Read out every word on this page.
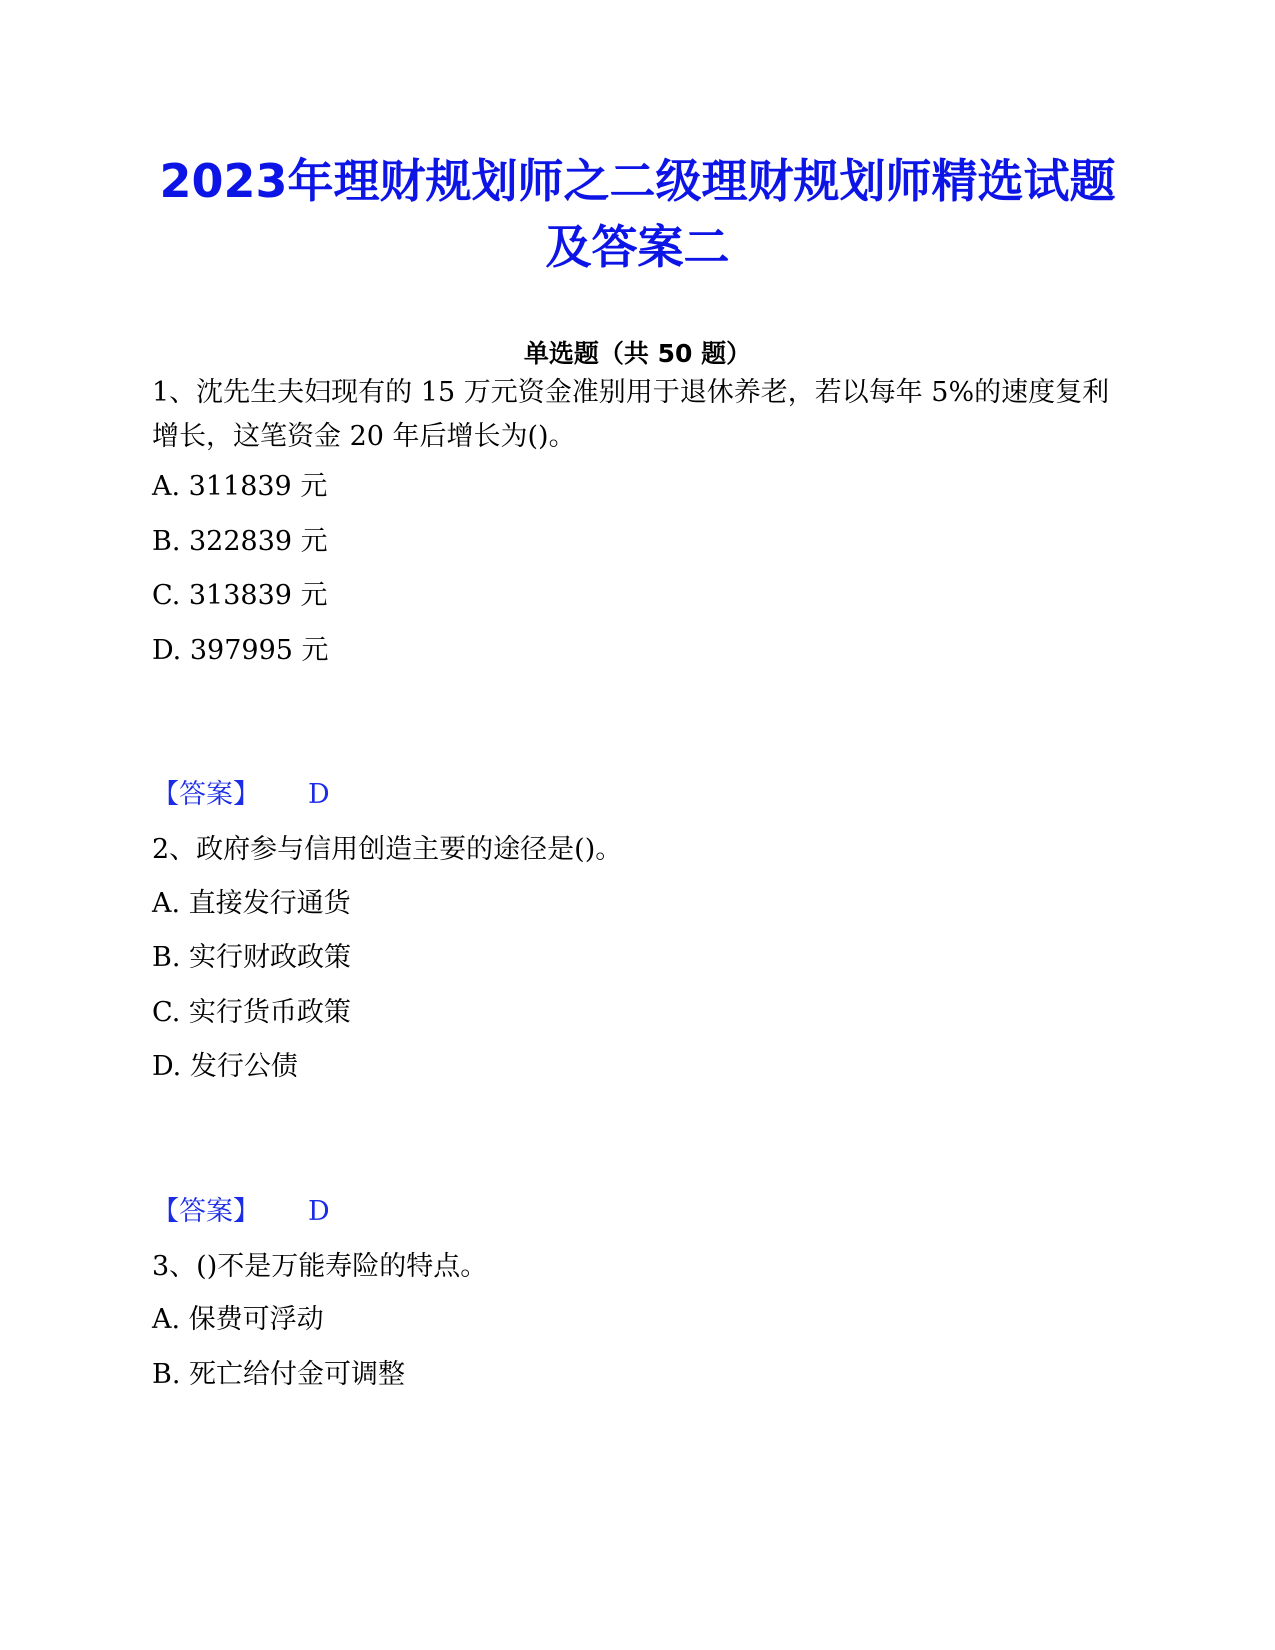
2023年理财规划师之二级理财规划师精选试题及答案二
单选题（共 50 题）

1、沈先生夫妇现有的 15 万元资金准别用于退休养老，若以每年 5%的速度复利增长，这笔资金 20 年后增长为()。

A. 311839 元

B. 322839 元

C. 313839 元

D. 397995 元

【答案】 D

2、政府参与信用创造主要的途径是()。

A. 直接发行通货

B. 实行财政政策

C. 实行货币政策

D. 发行公债

【答案】 D

3、()不是万能寿险的特点。

A. 保费可浮动

B. 死亡给付金可调整
